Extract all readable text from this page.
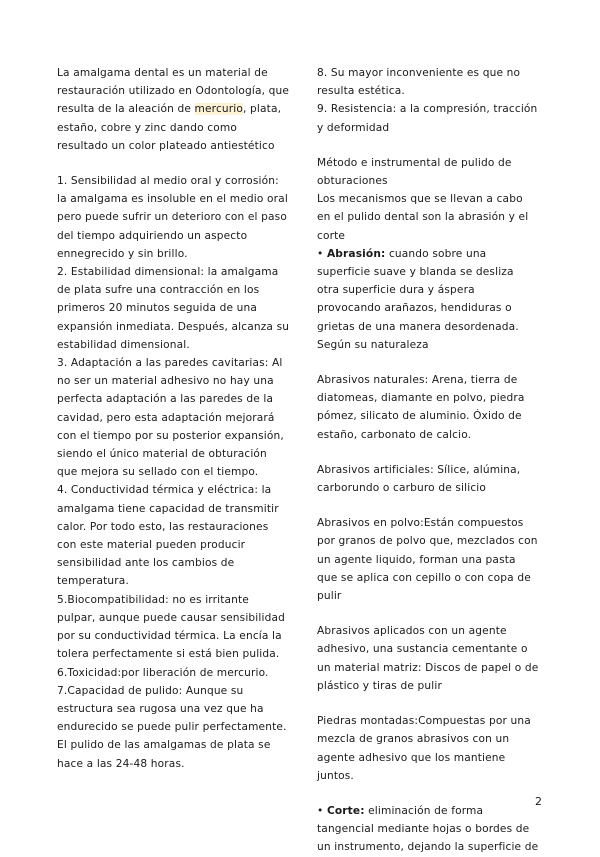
La amalgama dental es un material de restauración utilizado en Odontología, que resulta de la aleación de mercurio, plata, estaño, cobre y zinc dando como resultado un color plateado antiestético

1. Sensibilidad al medio oral y corrosión: la amalgama es insoluble en el medio oral pero puede sufrir un deterioro con el paso del tiempo adquiriendo un aspecto ennegrecido y sin brillo.

2. Estabilidad dimensional: la amalgama de plata sufre una contracción en los primeros 20 minutos seguida de una expansión inmediata. Después, alcanza su estabilidad dimensional.

3. Adaptación a las paredes cavitarias: Al no ser un material adhesivo no hay una perfecta adaptación a las paredes de la cavidad, pero esta adaptación mejorará con el tiempo por su posterior expansión, siendo el único material de obturación que mejora su sellado con el tiempo.

4. Conductividad térmica y eléctrica: la amalgama tiene capacidad de transmitir calor. Por todo esto, las restauraciones con este material pueden producir sensibilidad ante los cambios de temperatura.

5.Biocompatibilidad: no es irritante pulpar, aunque puede causar sensibilidad por su conductividad térmica. La encía la tolera perfectamente si está bien pulida.

6.Toxicidad:por liberación de mercurio.

7.Capacidad de pulido: Aunque su estructura sea rugosa una vez que ha endurecido se puede pulir perfectamente. El pulido de las amalgamas de plata se hace a las 24-48 horas.

8. Su mayor inconveniente es que no resulta estética.

9. Resistencia: a la compresión, tracción y deformidad

Método e instrumental de pulido de obturaciones

Los mecanismos que se llevan a cabo en el pulido dental son la abrasión y el corte

• Abrasión: cuando sobre una superficie suave y blanda se desliza otra superficie dura y áspera provocando arañazos, hendiduras o grietas de una manera desordenada. Según su naturaleza

Abrasivos naturales: Arena, tierra de diatomeas, diamante en polvo, piedra pómez, silicato de aluminio. Óxido de estaño, carbonato de calcio.

Abrasivos artificiales: Sílice, alúmina, carborundo o carburo de silicio

Abrasivos en polvo:Están compuestos por granos de polvo que, mezclados con un agente liquido, forman una pasta que se aplica con cepillo o con copa de pulir

Abrasivos aplicados con un agente adhesivo, una sustancia cementante o un material matriz: Discos de papel o de plástico y tiras de pulir

Piedras montadas:Compuestas por una mezcla de granos abrasivos con un agente adhesivo que los mantiene juntos.

• Corte: eliminación de forma tangencial mediante hojas o bordes de un instrumento, dejando la superficie de

2
